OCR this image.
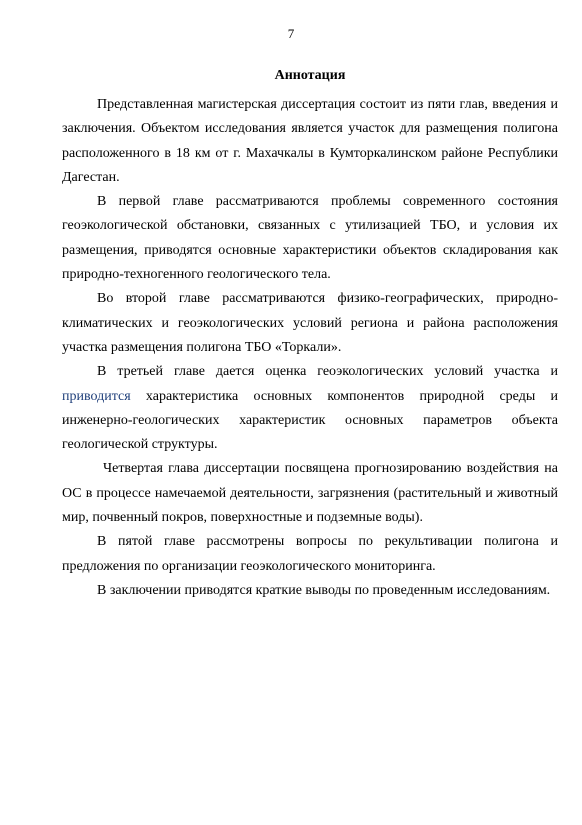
7
Аннотация

Представленная магистерская диссертация состоит из пяти глав, введения и заключения. Объектом исследования является участок для размещения полигона расположенного в 18 км от г. Махачкалы в Кумторкалинском районе Республики Дагестан.

В первой главе рассматриваются проблемы современного состояния геоэкологической обстановки, связанных с утилизацией ТБО, и условия их размещения, приводятся основные характеристики объектов складирования как природно-техногенного геологического тела.

Во второй главе рассматриваются физико-географических, природно-климатических и геоэкологических условий региона и района расположения участка размещения полигона ТБО «Торкали».

В третьей главе дается оценка геоэкологических условий участка и приводится характеристика основных компонентов природной среды и инженерно-геологических характеристик основных параметров объекта геологической структуры.

Четвертая глава диссертации посвящена прогнозированию воздействия на ОС в процессе намечаемой деятельности, загрязнения (растительный и животный мир, почвенный покров, поверхностные и подземные воды).

В пятой главе рассмотрены вопросы по рекультивации полигона и предложения по организации геоэкологического мониторинга.

В заключении приводятся краткие выводы по проведенным исследованиям.
